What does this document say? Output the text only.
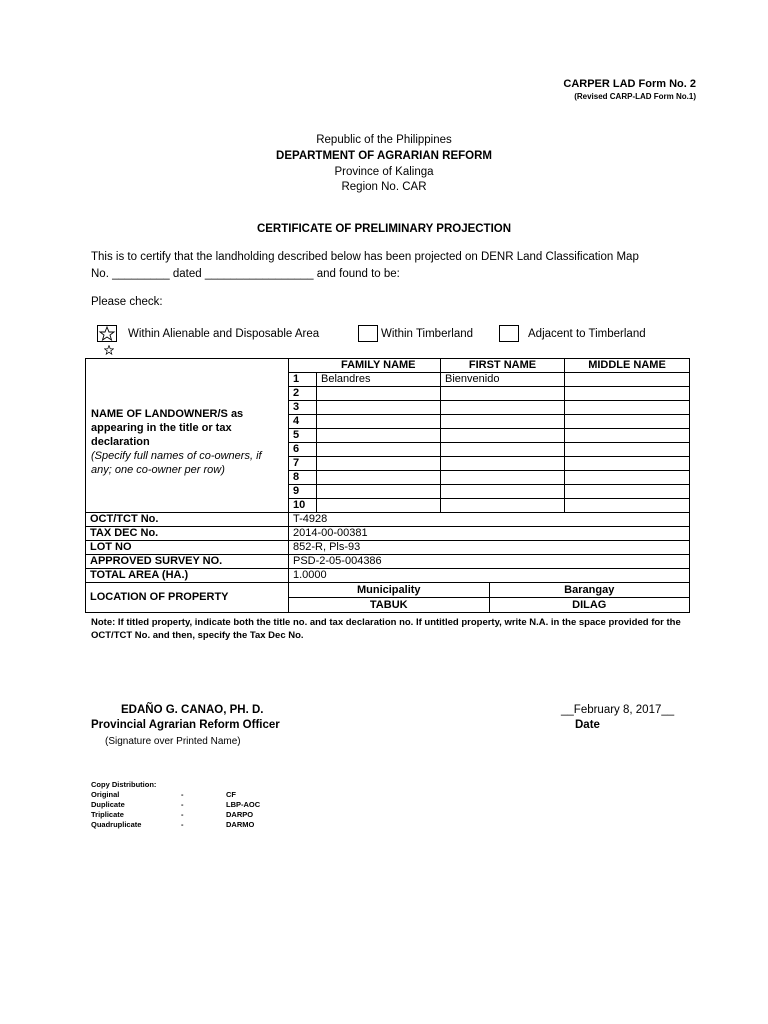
CARPER LAD Form No. 2
(Revised CARP-LAD Form No.1)
Republic of the Philippines
DEPARTMENT OF AGRARIAN REFORM
Province of Kalinga
Region No. CAR
CERTIFICATE OF PRELIMINARY PROJECTION
This is to certify that the landholding described below has been projected on DENR Land Classification Map
No. _________ dated _________________ and found to be:
Please check:
Within Alienable and Disposable Area	Within Timberland	Adjacent to Timberland
		FAMILY NAME	FIRST NAME	MIDDLE NAME

NAME OF LANDOWNER/S as appearing in the title or tax declaration
(Specify full names of co-owners, if any; one co-owner per row)
	1	Belandres	Bienvenido	
2			
3			
4			
5			
6			
7			
8			
9			
10			
OCT/TCT No.	T-4928
TAX DEC No.	2014-00-00381
LOT NO	852-R, Pls-93
APPROVED SURVEY NO.	PSD-2-05-004386
TOTAL AREA (HA.)	1.0000
LOCATION OF PROPERTY	
Municipality	Barangay
TABUK	DILAG
Note: If titled property, indicate both the title no. and tax declaration no. If untitled property, write N.A. in the space provided for the OCT/TCT No. and then, specify the Tax Dec No.
EDAÑO G. CANAO, PH. D.
Provincial Agrarian Reform Officer
(Signature over Printed Name)
__February 8, 2017__
Date
Copy Distribution:
Original	-	CF
Duplicate	-	LBP-AOC
Triplicate	-	DARPO
Quadruplicate	-	DARMO
